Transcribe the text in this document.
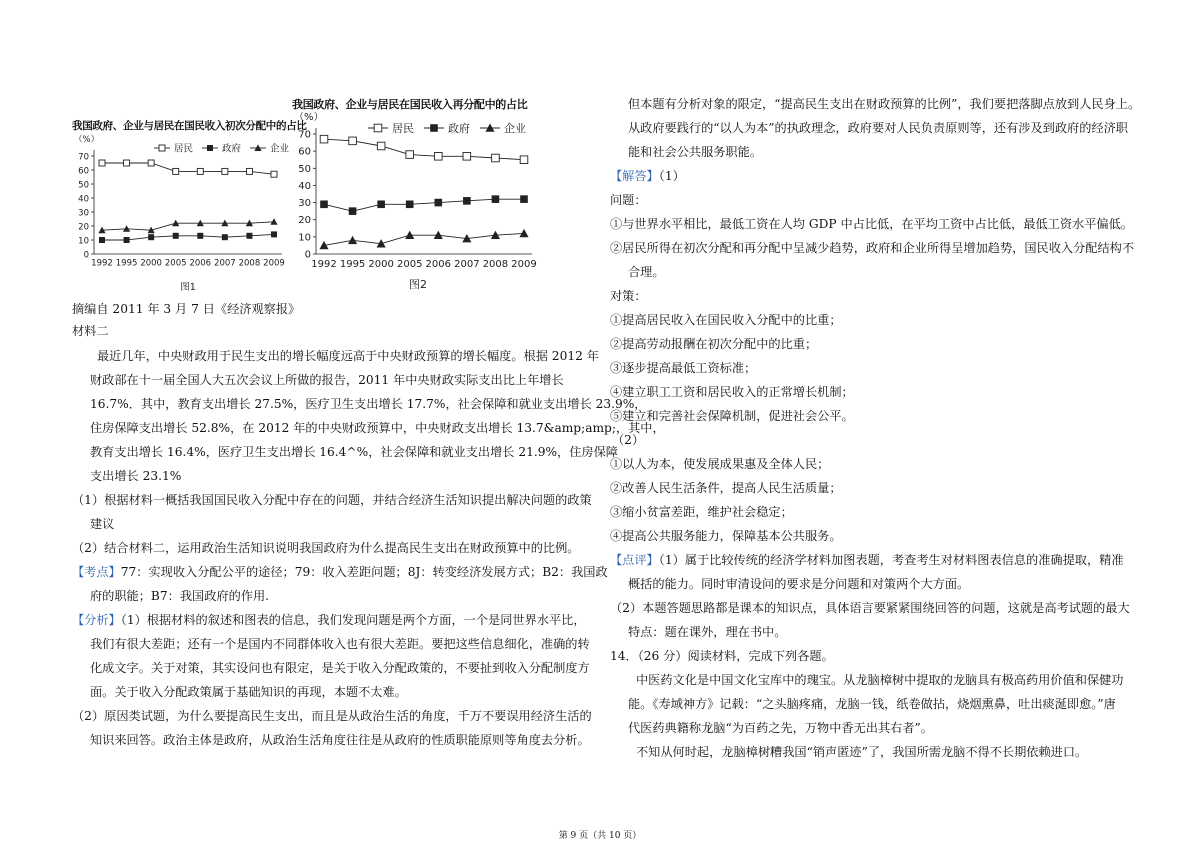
我国政府、企业与居民在国民收入初次分配中的占比
我国政府、企业与居民在国民收入再分配中的占比
0
10
20
30
40
50
60
70
（%）
1992 1995 2000 2005 2006 2007 2008 2009
居民	政府	企业
图1
0
10
20
30
40
50
60
70
（%）
1992 1995 2000 2005 2006 2007 2008 2009
居民	政府	企业
图2
摘编自 2011 年 3 月 7 日《经济观察报》
材料二
最近几年，中央财政用于民生支出的增长幅度远高于中央财政预算的增长幅度。根据 2012 年
财政部在十一届全国人大五次会议上所做的报告，2011 年中央财政实际支出比上年增长
16.7%．其中，教育支出增长 27.5%，医疗卫生支出增长 17.7%，社会保障和就业支出增长 23.9%，
住房保障支出增长 52.8%，在 2012 年的中央财政预算中，中央财政支出增长 13.7&amp;amp;，其中，
教育支出增长 16.4%，医疗卫生支出增长 16.4^%，社会保障和就业支出增长 21.9%，住房保障
支出增长 23.1%
（1）根据材料一概括我国国民收入分配中存在的问题，并结合经济生活知识提出解决问题的政策
建议
（2）结合材料二，运用政治生活知识说明我国政府为什么提高民生支出在财政预算中的比例。
【考点】77：实现收入分配公平的途径；79：收入差距问题；8J：转变经济发展方式；B2：我国政
府的职能；B7：我国政府的作用.
【分析】（1）根据材料的叙述和图表的信息，我们发现问题是两个方面，一个是同世界水平比，
我们有很大差距；还有一个是国内不同群体收入也有很大差距。要把这些信息细化，准确的转
化成文字。关于对策，其实设问也有限定，是关于收入分配政策的，不要扯到收入分配制度方
面。关于收入分配政策属于基础知识的再现，本题不太难。
（2）原因类试题，为什么要提高民生支出，而且是从政治生活的角度，千万不要误用经济生活的
知识来回答。政治主体是政府，从政治生活角度往往是从政府的性质职能原则等角度去分析。
但本题有分析对象的限定，“提高民生支出在财政预算的比例”，我们要把落脚点放到人民身上。
从政府要践行的“以人为本”的执政理念，政府要对人民负责原则等，还有涉及到政府的经济职
能和社会公共服务职能。
【解答】（1）
问题：
①与世界水平相比，最低工资在人均 GDP 中占比低，在平均工资中占比低，最低工资水平偏低。
②居民所得在初次分配和再分配中呈减少趋势，政府和企业所得呈增加趋势，国民收入分配结构不
合理。
对策：
①提高居民收入在国民收入分配中的比重；
②提高劳动报酬在初次分配中的比重；
③逐步提高最低工资标准；
④建立职工工资和居民收入的正常增长机制；
⑤建立和完善社会保障机制，促进社会公平。
（2）
①以人为本，使发展成果惠及全体人民；
②改善人民生活条件，提高人民生活质量；
③缩小贫富差距，维护社会稳定；
④提高公共服务能力，保障基本公共服务。
【点评】（1）属于比较传统的经济学材料加图表题，考查考生对材料图表信息的准确提取，精准
概括的能力。同时审清设问的要求是分问题和对策两个大方面。
（2）本题答题思路都是课本的知识点，具体语言要紧紧围绕回答的问题，这就是高考试题的最大
特点：题在课外，理在书中。
14．（26 分）阅读材料，完成下列各题。
中医药文化是中国文化宝库中的瑰宝。从龙脑樟树中提取的龙脑具有极高药用价值和保健功
能。《寿域神方》记载：“之头脑疼痛，龙脑一钱，纸卷做拈，烧烟熏鼻，吐出痰涎即愈。”唐
代医药典籍称龙脑“为百药之先，万物中香无出其右者”。
不知从何时起，龙脑樟树糟我国“销声匿迹”了，我国所需龙脑不得不长期依赖进口。
第 9 页（共 10 页）
